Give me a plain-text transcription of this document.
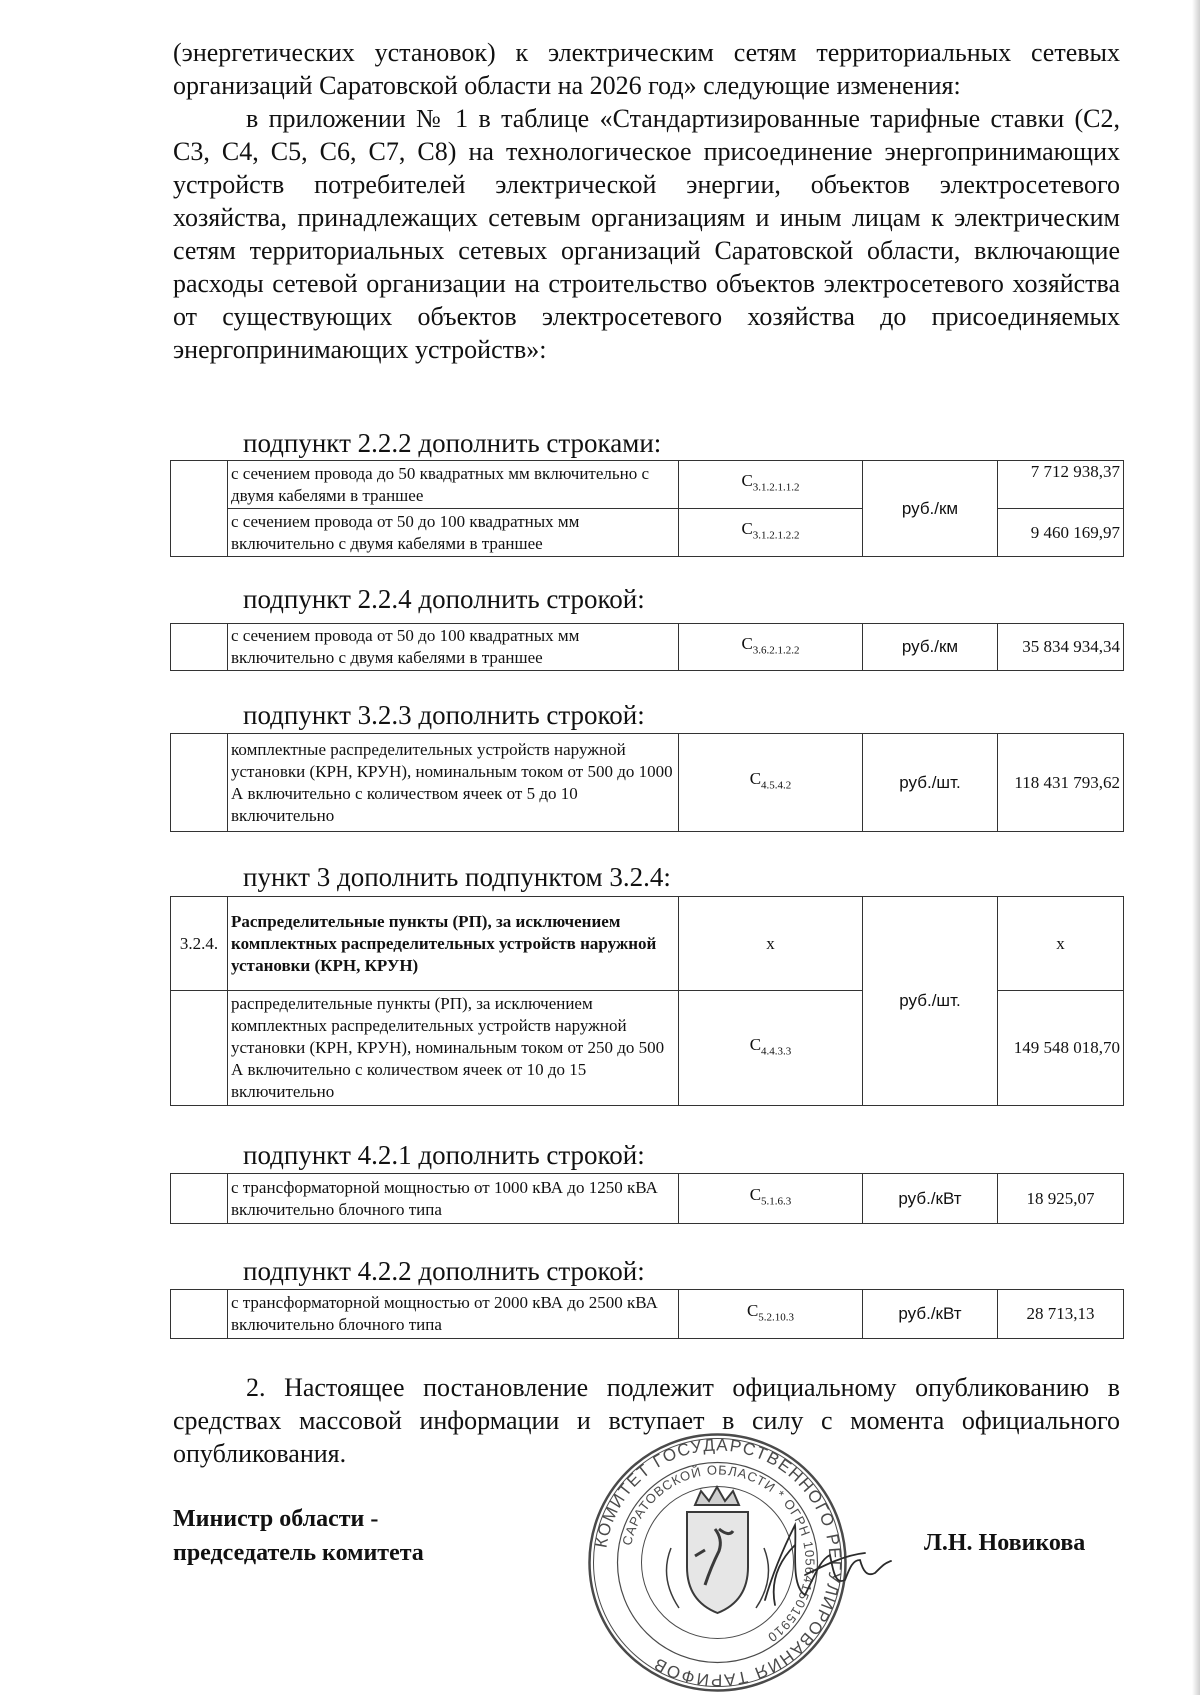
(энергетических установок) к электрическим сетям территориальных сетевых организаций Саратовской области на 2026 год» следующие изменения:

в приложении № 1 в таблице «Стандартизированные тарифные ставки (С2, С3, С4, С5, С6, С7, С8) на технологическое присоединение энергопринимающих устройств потребителей электрической энергии, объектов электросетевого хозяйства, принадлежащих сетевым организациям и иным лицам к электрическим сетям территориальных сетевых организаций Саратовской области, включающие расходы сетевой организации на строительство объектов электросетевого хозяйства от существующих объектов электросетевого хозяйства до присоединяемых энергопринимающих устройств»:

подпункт 2.2.2 дополнить строками:

	с сечением провода до 50 квадратных мм включительно с двумя кабелями в траншее	$С_{3.1.2.1.1.2}$	руб./км	7 712 938,37
	с сечением провода от 50 до 100 квадратных мм включительно с двумя кабелями в траншее	$С_{3.1.2.1.2.2}$		9 460 169,97

подпункт 2.2.4 дополнить строкой:

	с сечением провода от 50 до 100 квадратных мм включительно с двумя кабелями в траншее	$С_{3.6.2.1.2.2}$	руб./км	35 834 934,34

подпункт 3.2.3 дополнить строкой:

	комплектные распределительных устройств наружной установки (КРН, КРУН), номинальным током от 500 до 1000 А включительно с количеством ячеек от 5 до 10 включительно	$С_{4.5.4.2}$	руб./шт.	118 431 793,62

пункт 3 дополнить подпунктом 3.2.4:

3.2.4.	Распределительные пункты (РП), за исключением комплектных распределительных устройств наружной установки (КРН, КРУН)	х	руб./шт.	х
	распределительные пункты (РП), за исключением комплектных распределительных устройств наружной установки (КРН, КРУН), номинальным током от 250 до 500 А включительно с количеством ячеек от 10 до 15 включительно	$С_{4.4.3.3}$		149 548 018,70

подпункт 4.2.1 дополнить строкой:

	с трансформаторной мощностью от 1000 кВА до 1250 кВА включительно блочного типа	$С_{5.1.6.3}$	руб./кВт	18 925,07

подпункт 4.2.2 дополнить строкой:

	с трансформаторной мощностью от 2000 кВА до 2500 кВА включительно блочного типа	$С_{5.2.10.3}$	руб./кВт	28 713,13

2. Настоящее постановление подлежит официальному опубликованию в средствах массовой информации и вступает в силу с момента официального опубликования.

КОМИТЕТ ГОСУДАРСТВЕННОГО РЕГУЛИРОВАНИЯ ТАРИФОВ
САРАТОВСКОЙ ОБЛАСТИ * ОГРН 1056415015910
Министр области -
председатель комитета	Л.Н. Новикова
